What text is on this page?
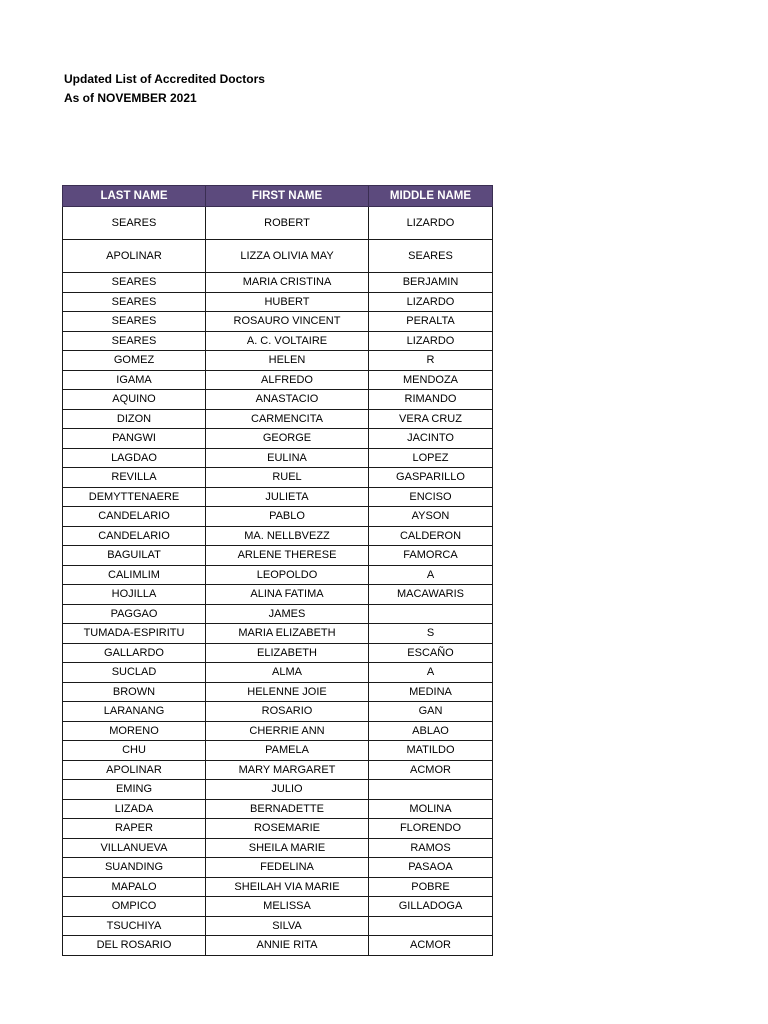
Updated List of Accredited Doctors
As of NOVEMBER 2021
LAST NAME	FIRST NAME	MIDDLE NAME
SEARES	ROBERT	LIZARDO
APOLINAR	LIZZA OLIVIA MAY	SEARES
SEARES	MARIA CRISTINA	BERJAMIN
SEARES	HUBERT	LIZARDO
SEARES	ROSAURO VINCENT	PERALTA
SEARES	A. C. VOLTAIRE	LIZARDO
GOMEZ	HELEN	R
IGAMA	ALFREDO	MENDOZA
AQUINO	ANASTACIO	RIMANDO
DIZON	CARMENCITA	VERA CRUZ
PANGWI	GEORGE	JACINTO
LAGDAO	EULINA	LOPEZ
REVILLA	RUEL	GASPARILLO
DEMYTTENAERE	JULIETA	ENCISO
CANDELARIO	PABLO	AYSON
CANDELARIO	MA. NELLBVEZZ	CALDERON
BAGUILAT	ARLENE THERESE	FAMORCA
CALIMLIM	LEOPOLDO	A
HOJILLA	ALINA FATIMA	MACAWARIS
PAGGAO	JAMES	
TUMADA-ESPIRITU	MARIA ELIZABETH	S
GALLARDO	ELIZABETH	ESCAÑO
SUCLAD	ALMA	A
BROWN	HELENNE JOIE	MEDINA
LARANANG	ROSARIO	GAN
MORENO	CHERRIE ANN	ABLAO
CHU	PAMELA	MATILDO
APOLINAR	MARY MARGARET	ACMOR
EMING	JULIO	
LIZADA	BERNADETTE	MOLINA
RAPER	ROSEMARIE	FLORENDO
VILLANUEVA	SHEILA MARIE	RAMOS
SUANDING	FEDELINA	PASAOA
MAPALO	SHEILAH VIA MARIE	POBRE
OMPICO	MELISSA	GILLADOGA
TSUCHIYA	SILVA	
DEL ROSARIO	ANNIE RITA	ACMOR
